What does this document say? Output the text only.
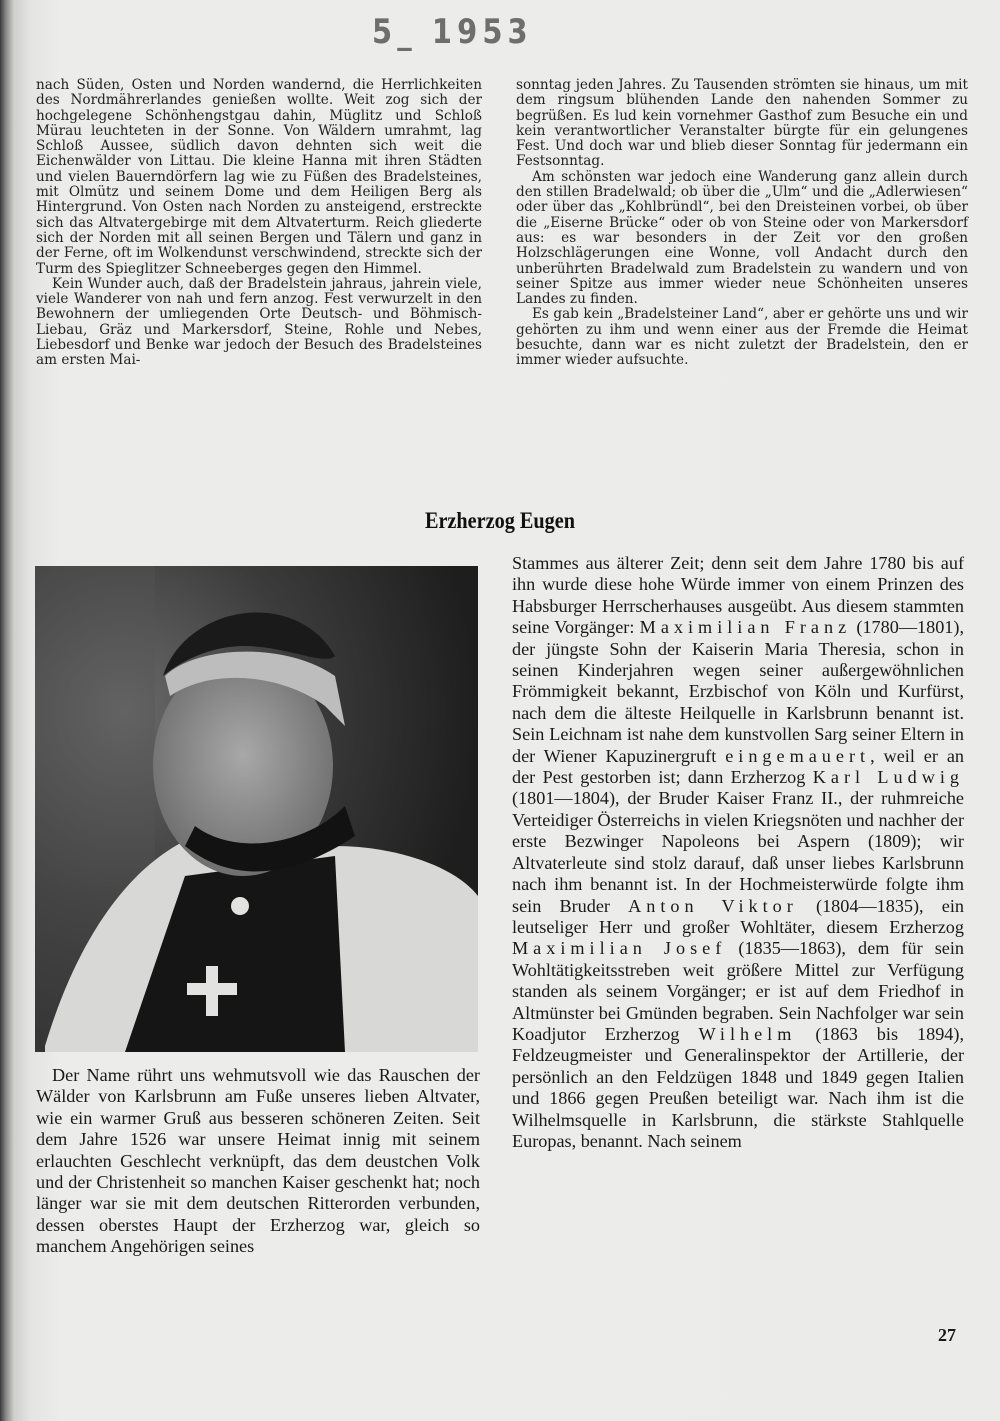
5_ 1953

nach Süden, Osten und Norden wandernd, die Herrlichkeiten des Nordmährerlandes genießen wollte. Weit zog sich der hochgelegene Schönhengstgau dahin, Müglitz und Schloß Mürau leuchteten in der Sonne. Von Wäldern umrahmt, lag Schloß Aussee, südlich davon dehnten sich weit die Eichenwälder von Littau. Die kleine Hanna mit ihren Städten und vielen Bauerndörfern lag wie zu Füßen des Bradelsteines, mit Olmütz und seinem Dome und dem Heiligen Berg als Hintergrund. Von Osten nach Norden zu ansteigend, erstreckte sich das Altvatergebirge mit dem Altvaterturm. Reich gliederte sich der Norden mit all seinen Bergen und Tälern und ganz in der Ferne, oft im Wolkendunst verschwindend, streckte sich der Turm des Spieglitzer Schneeberges gegen den Himmel.

Kein Wunder auch, daß der Bradelstein jahraus, jahrein viele, viele Wanderer von nah und fern anzog. Fest verwurzelt in den Bewohnern der umliegenden Orte Deutsch- und Böhmisch-Liebau, Gräz und Markersdorf, Steine, Rohle und Nebes, Liebesdorf und Benke war jedoch der Besuch des Bradelsteines am ersten Mai-

sonntag jeden Jahres. Zu Tausenden strömten sie hinaus, um mit dem ringsum blühenden Lande den nahenden Sommer zu begrüßen. Es lud kein vornehmer Gasthof zum Besuche ein und kein verantwortlicher Veranstalter bürgte für ein gelungenes Fest. Und doch war und blieb dieser Sonntag für jedermann ein Festsonntag.

Am schönsten war jedoch eine Wanderung ganz allein durch den stillen Bradelwald; ob über die „Ulm“ und die „Adlerwiesen“ oder über das „Kohlbründl“, bei den Dreisteinen vorbei, ob über die „Eiserne Brücke“ oder ob von Steine oder von Markersdorf aus: es war besonders in der Zeit vor den großen Holzschlägerungen eine Wonne, voll Andacht durch den unberührten Bradelwald zum Bradelstein zu wandern und von seiner Spitze aus immer wieder neue Schönheiten unseres Landes zu finden.

Es gab kein „Bradelsteiner Land“, aber er gehörte uns und wir gehörten zu ihm und wenn einer aus der Fremde die Heimat besuchte, dann war es nicht zuletzt der Bradelstein, den er immer wieder aufsuchte.

Erzherzog Eugen

Stammes aus älterer Zeit; denn seit dem Jahre 1780 bis auf ihn wurde diese hohe Würde immer von einem Prinzen des Habsburger Herrscherhauses ausgeübt. Aus diesem stammten seine Vorgänger: Maximilian Franz (1780—1801), der jüngste Sohn der Kaiserin Maria Theresia, schon in seinen Kinderjahren wegen seiner außergewöhnlichen Frömmigkeit bekannt, Erzbischof von Köln und Kurfürst, nach dem die älteste Heilquelle in Karlsbrunn benannt ist. Sein Leichnam ist nahe dem kunstvollen Sarg seiner Eltern in der Wiener Kapuzinergruft eingemauert, weil er an der Pest gestorben ist; dann Erzherzog Karl Ludwig (1801—1804), der Bruder Kaiser Franz II., der ruhmreiche Verteidiger Österreichs in vielen Kriegsnöten und nachher der erste Bezwinger Napoleons bei Aspern (1809); wir Altvaterleute sind stolz darauf, daß unser liebes Karlsbrunn nach ihm benannt ist. In der Hochmeisterwürde folgte ihm sein Bruder Anton Viktor (1804—1835), ein leutseliger Herr und großer Wohltäter, diesem Erzherzog Maximilian Josef (1835—1863), dem für sein Wohltätigkeitsstreben weit größere Mittel zur Verfügung standen als seinem Vorgänger; er ist auf dem Friedhof in Altmünster bei Gmünden begraben. Sein Nachfolger war sein Koadjutor Erzherzog Wilhelm (1863 bis 1894), Feldzeugmeister und Generalinspektor der Artillerie, der persönlich an den Feldzügen 1848 und 1849 gegen Italien und 1866 gegen Preußen beteiligt war. Nach ihm ist die Wilhelmsquelle in Karlsbrunn, die stärkste Stahlquelle Europas, benannt. Nach seinem

Der Name rührt uns wehmutsvoll wie das Rauschen der Wälder von Karlsbrunn am Fuße unseres lieben Altvater, wie ein warmer Gruß aus besseren schöneren Zeiten. Seit dem Jahre 1526 war unsere Heimat innig mit seinem erlauchten Geschlecht verknüpft, das dem deustchen Volk und der Christenheit so manchen Kaiser geschenkt hat; noch länger war sie mit dem deutschen Ritterorden verbunden, dessen oberstes Haupt der Erzherzog war, gleich so manchem Angehörigen seines

27
